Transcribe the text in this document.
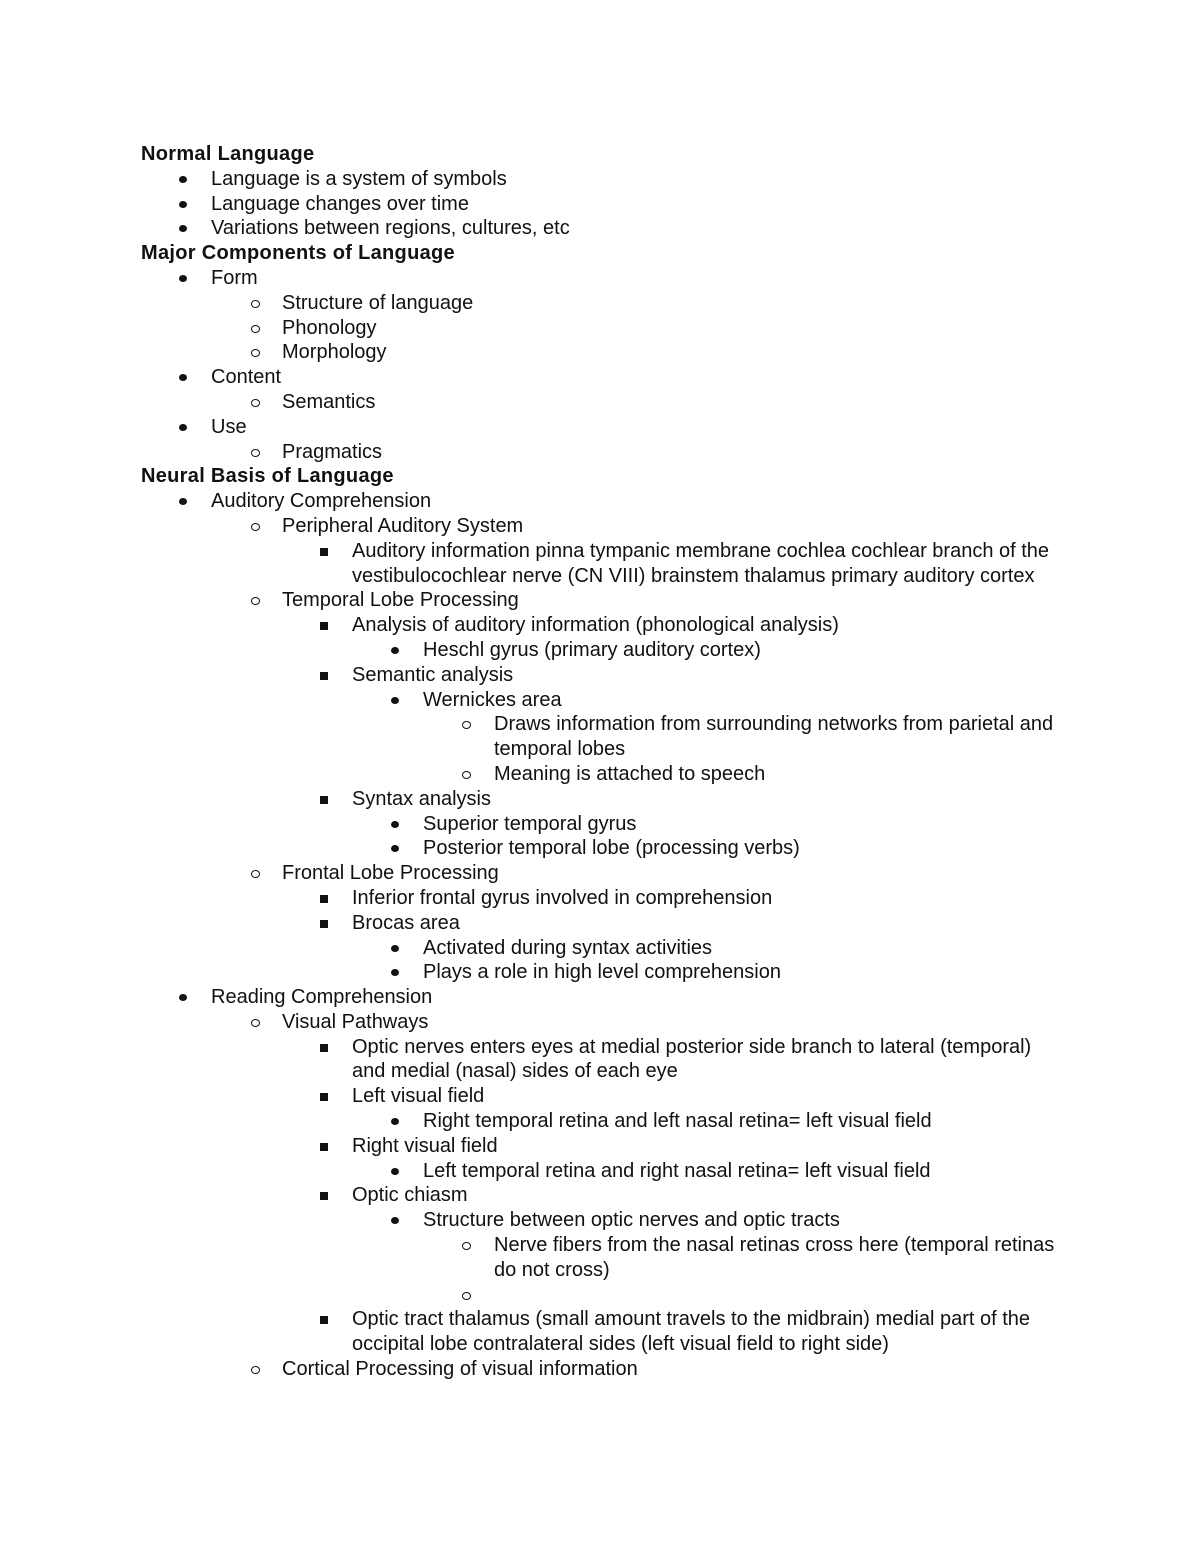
Normal Language
Language is a system of symbols
Language changes over time
Variations between regions, cultures, etc
Major Components of Language
Form
Structure of language
Phonology
Morphology
Content
Semantics
Use
Pragmatics
Neural Basis of Language
Auditory Comprehension
Peripheral Auditory System
Auditory information pinna tympanic membrane cochlea cochlear branch of the vestibulocochlear nerve (CN VIII) brainstem thalamus primary auditory cortex
Temporal Lobe Processing
Analysis of auditory information (phonological analysis)
Heschl gyrus (primary auditory cortex)
Semantic analysis
Wernickes area
Draws information from surrounding networks from parietal and temporal lobes
Meaning is attached to speech
Syntax analysis
Superior temporal gyrus
Posterior temporal lobe (processing verbs)
Frontal Lobe Processing
Inferior frontal gyrus involved in comprehension
Brocas area
Activated during syntax activities
Plays a role in high level comprehension
Reading Comprehension
Visual Pathways
Optic nerves enters eyes at medial posterior side branch to lateral (temporal) and medial (nasal) sides of each eye
Left visual field
Right temporal retina and left nasal retina= left visual field
Right visual field
Left temporal retina and right nasal retina= left visual field
Optic chiasm
Structure between optic nerves and optic tracts
Nerve fibers from the nasal retinas cross here (temporal retinas do not cross)
Optic tract thalamus (small amount travels to the midbrain) medial part of the occipital lobe contralateral sides (left visual field to right side)
Cortical Processing of visual information
